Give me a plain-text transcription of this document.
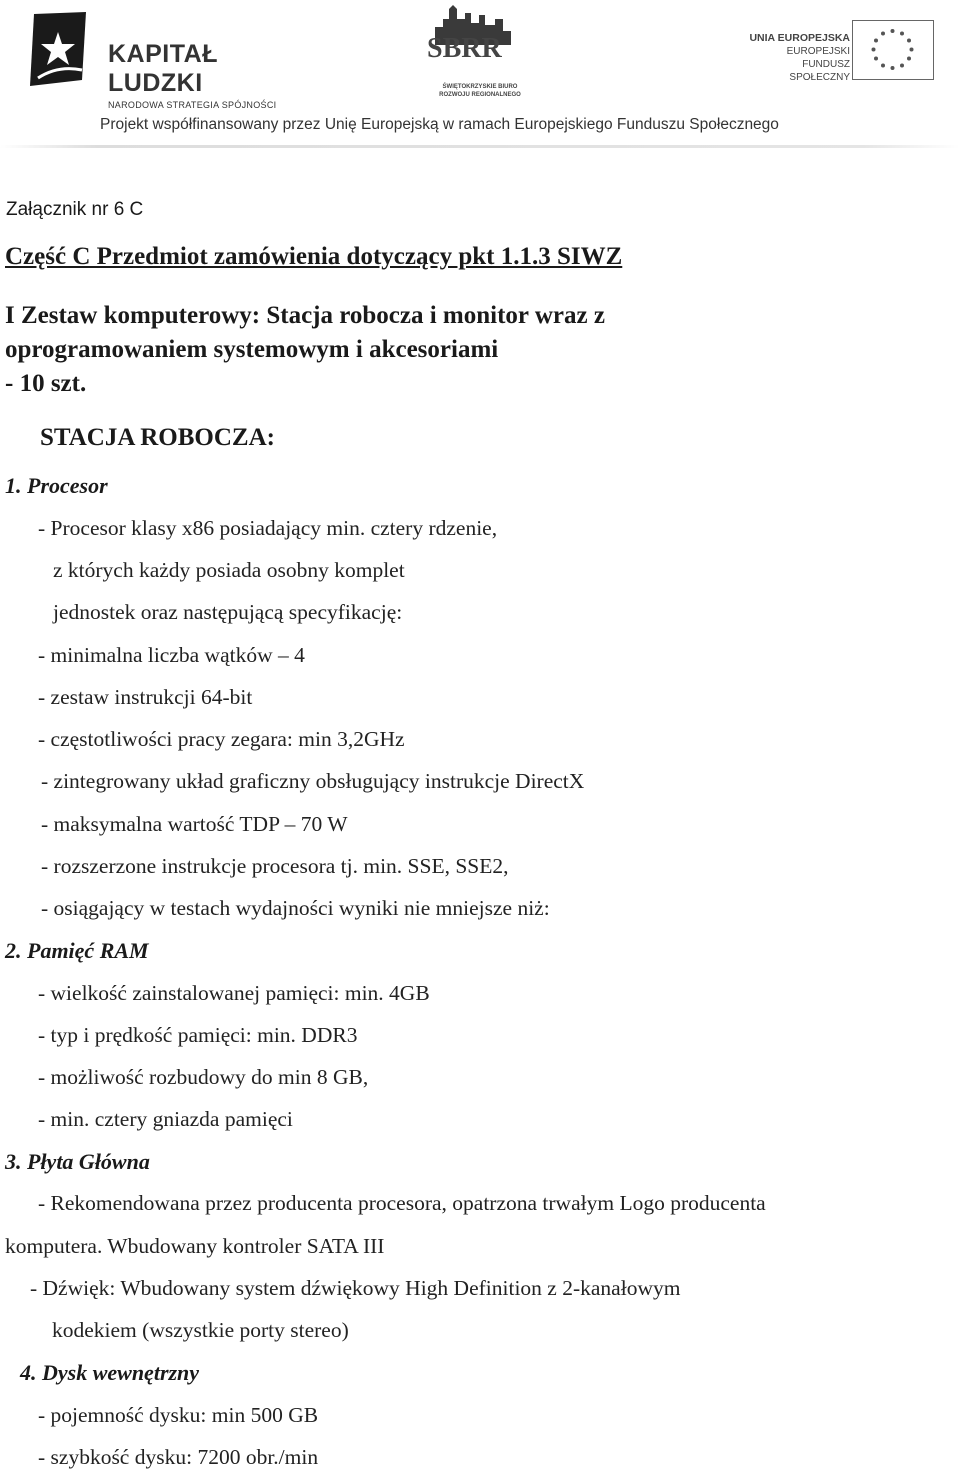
KAPITAŁ LUDZKI
NARODOWA STRATEGIA SPÓJNOŚCI
SBRR
ŚWIĘTOKRZYSKIE BIURO
ROZWOJU REGIONALNEGO
UNIA EUROPEJSKA
EUROPEJSKI
FUNDUSZ SPOŁECZNY
Projekt współfinansowany przez Unię Europejską w ramach Europejskiego Funduszu Społecznego
Załącznik nr 6 C
Część C Przedmiot zamówienia dotyczący pkt 1.1.3 SIWZ
I Zestaw komputerowy: Stacja robocza i monitor wraz z
oprogramowaniem systemowym i akcesoriami
- 10 szt.
STACJA ROBOCZA:
1. Procesor
- Procesor klasy x86 posiadający min. cztery rdzenie,
z których każdy posiada osobny komplet
jednostek oraz następującą specyfikację:
- minimalna liczba wątków – 4
- zestaw instrukcji 64-bit
- częstotliwości pracy zegara: min 3,2GHz
- zintegrowany układ graficzny obsługujący instrukcje DirectX
- maksymalna wartość TDP – 70 W
- rozszerzone instrukcje procesora tj. min. SSE, SSE2,
- osiągający w testach wydajności wyniki nie mniejsze niż:
2. Pamięć RAM
- wielkość zainstalowanej pamięci: min. 4GB
- typ i prędkość pamięci: min. DDR3
- możliwość rozbudowy do min 8 GB,
- min. cztery gniazda pamięci
3. Płyta Główna
- Rekomendowana przez producenta procesora, opatrzona trwałym Logo producenta
komputera. Wbudowany kontroler SATA III
- Dźwięk: Wbudowany system dźwiękowy High Definition z 2-kanałowym
kodekiem (wszystkie porty stereo)
4. Dysk wewnętrzny
- pojemność dysku: min 500 GB
- szybkość dysku: 7200 obr./min
